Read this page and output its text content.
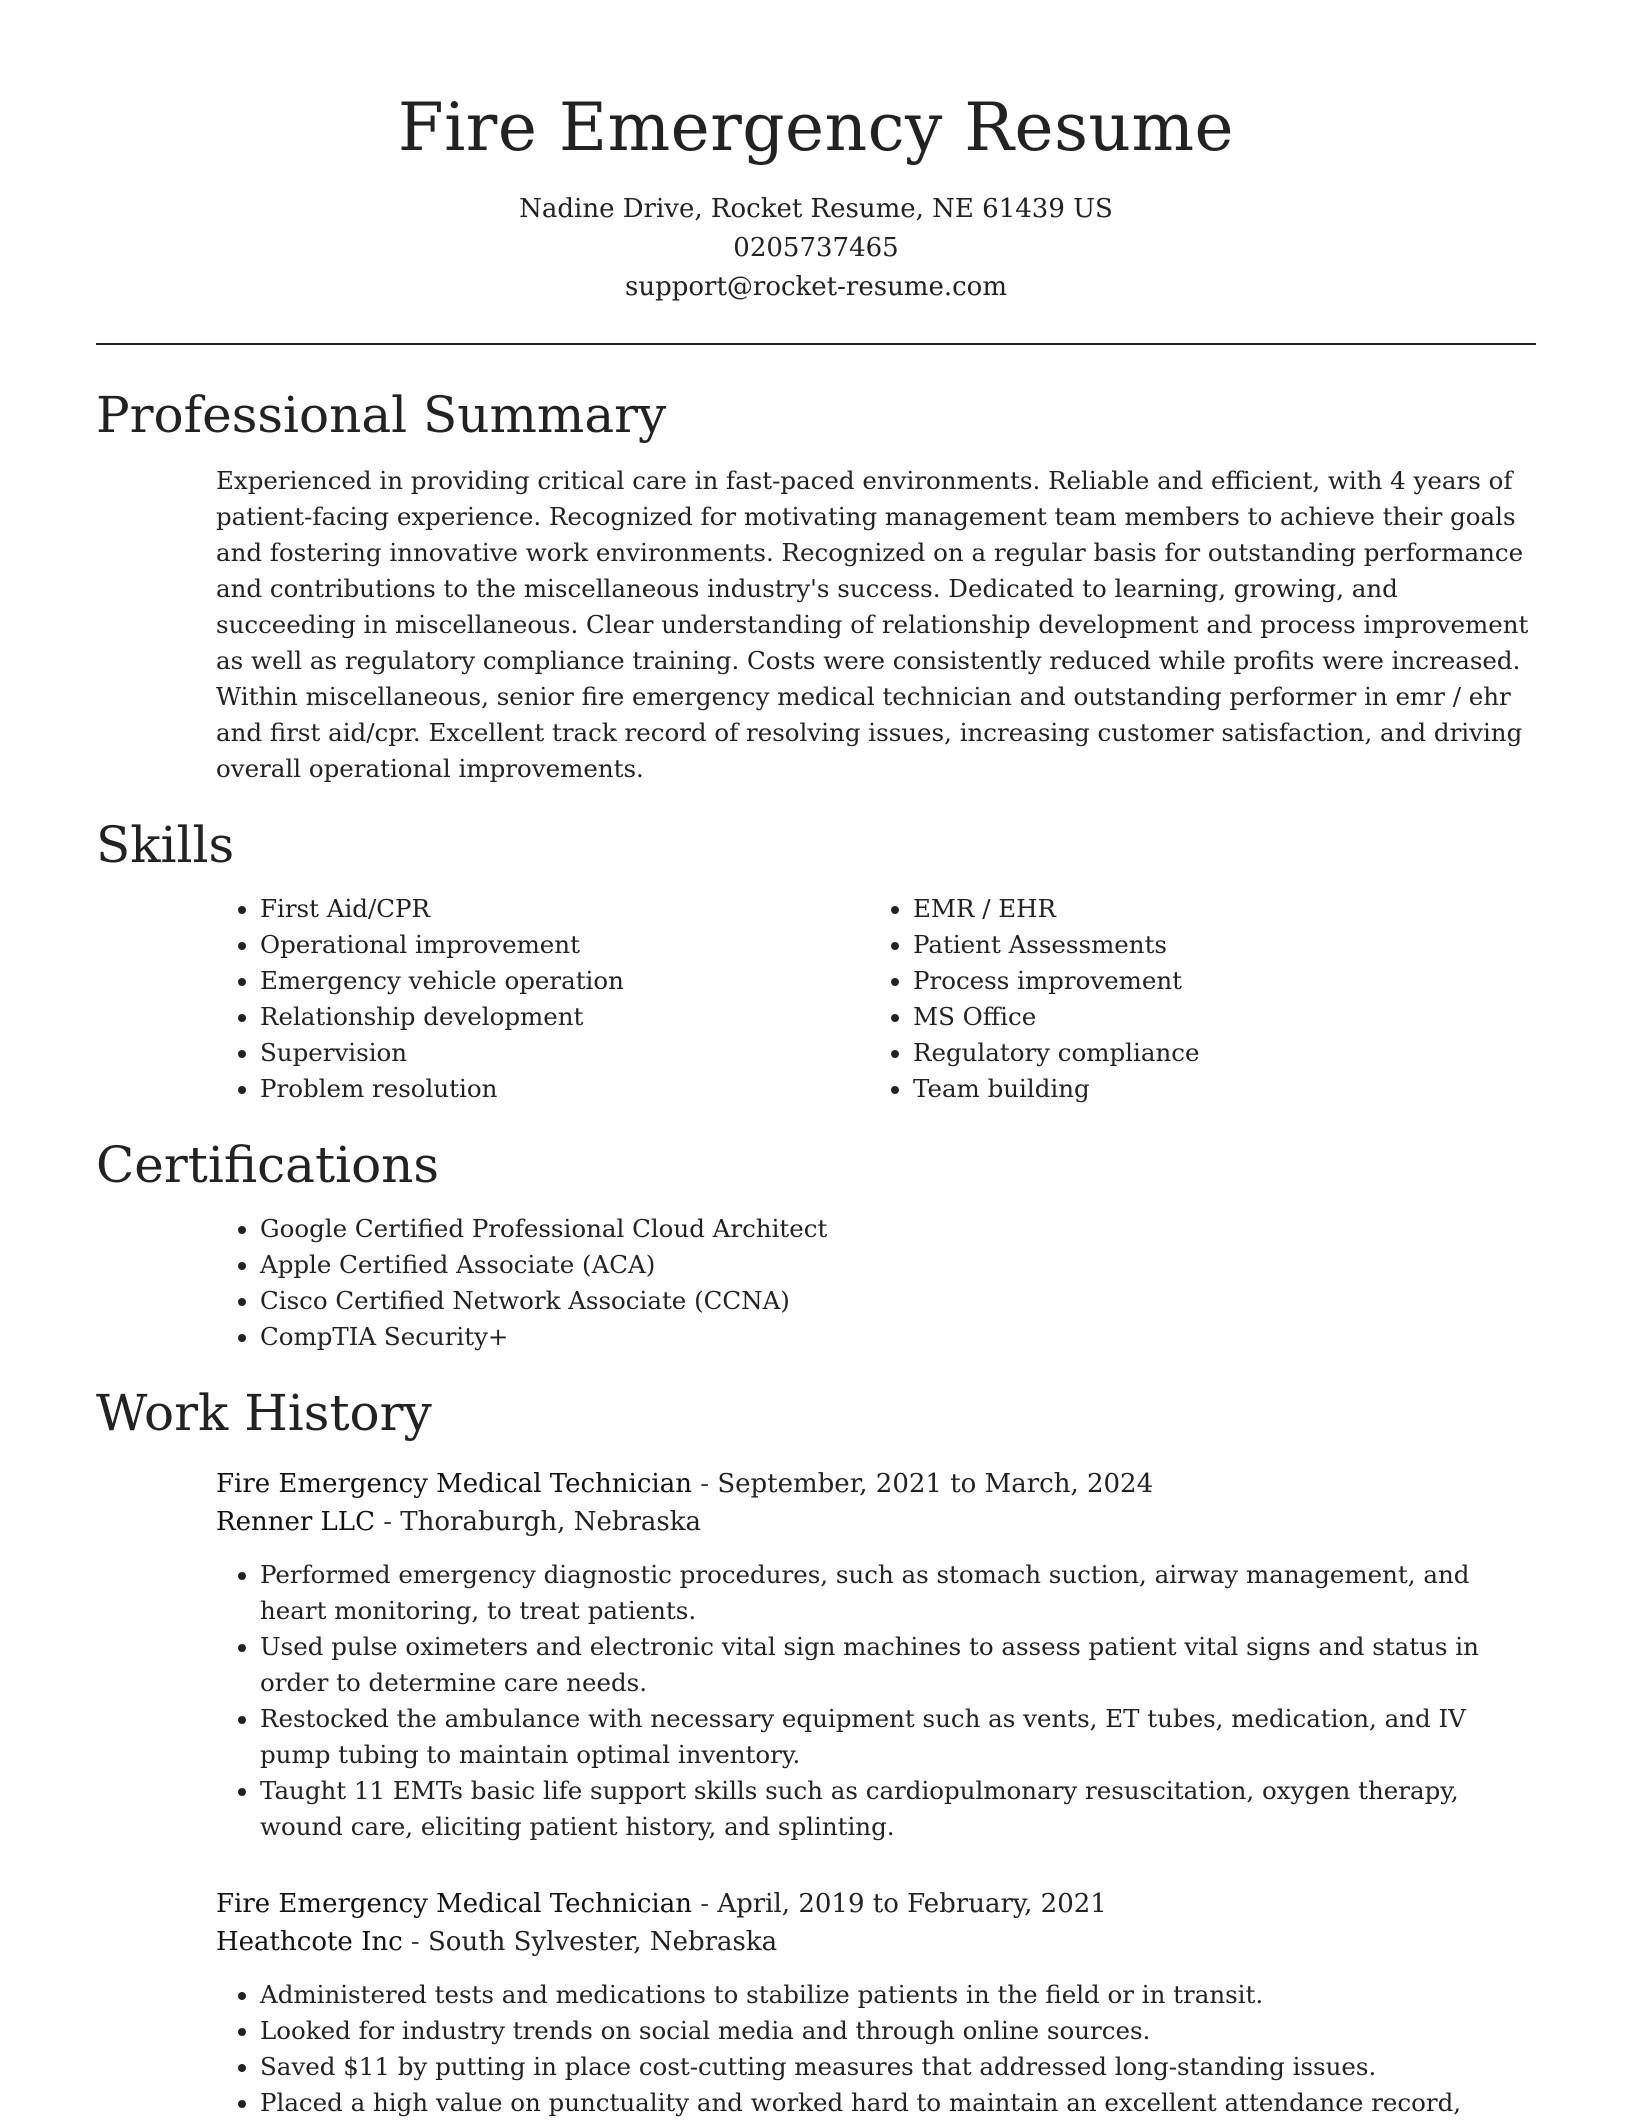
Fire Emergency Resume
Nadine Drive, Rocket Resume, NE 61439 US
0205737465
support@rocket-resume.com
Professional Summary
Experienced in providing critical care in fast-paced environments. Reliable and efficient, with 4 years of patient-facing experience. Recognized for motivating management team members to achieve their goals and fostering innovative work environments. Recognized on a regular basis for outstanding performance and contributions to the miscellaneous industry's success. Dedicated to learning, growing, and succeeding in miscellaneous. Clear understanding of relationship development and process improvement as well as regulatory compliance training. Costs were consistently reduced while profits were increased. Within miscellaneous, senior fire emergency medical technician and outstanding performer in emr / ehr and first aid/cpr. Excellent track record of resolving issues, increasing customer satisfaction, and driving overall operational improvements.
Skills
• First Aid/CPR
• Operational improvement
• Emergency vehicle operation
• Relationship development
• Supervision
• Problem resolution
• EMR / EHR
• Patient Assessments
• Process improvement
• MS Office
• Regulatory compliance
• Team building
Certifications
• Google Certified Professional Cloud Architect
• Apple Certified Associate (ACA)
• Cisco Certified Network Associate (CCNA)
• CompTIA Security+
Work History
Fire Emergency Medical Technician - September, 2021 to March, 2024
Renner LLC - Thoraburgh, Nebraska
• Performed emergency diagnostic procedures, such as stomach suction, airway management, and heart monitoring, to treat patients.
• Used pulse oximeters and electronic vital sign machines to assess patient vital signs and status in order to determine care needs.
• Restocked the ambulance with necessary equipment such as vents, ET tubes, medication, and IV pump tubing to maintain optimal inventory.
• Taught 11 EMTs basic life support skills such as cardiopulmonary resuscitation, oxygen therapy, wound care, eliciting patient history, and splinting.
Fire Emergency Medical Technician - April, 2019 to February, 2021
Heathcote Inc - South Sylvester, Nebraska
• Administered tests and medications to stabilize patients in the field or in transit.
• Looked for industry trends on social media and through online sources.
• Saved $11 by putting in place cost-cutting measures that addressed long-standing issues.
• Placed a high value on punctuality and worked hard to maintain an excellent attendance record,
